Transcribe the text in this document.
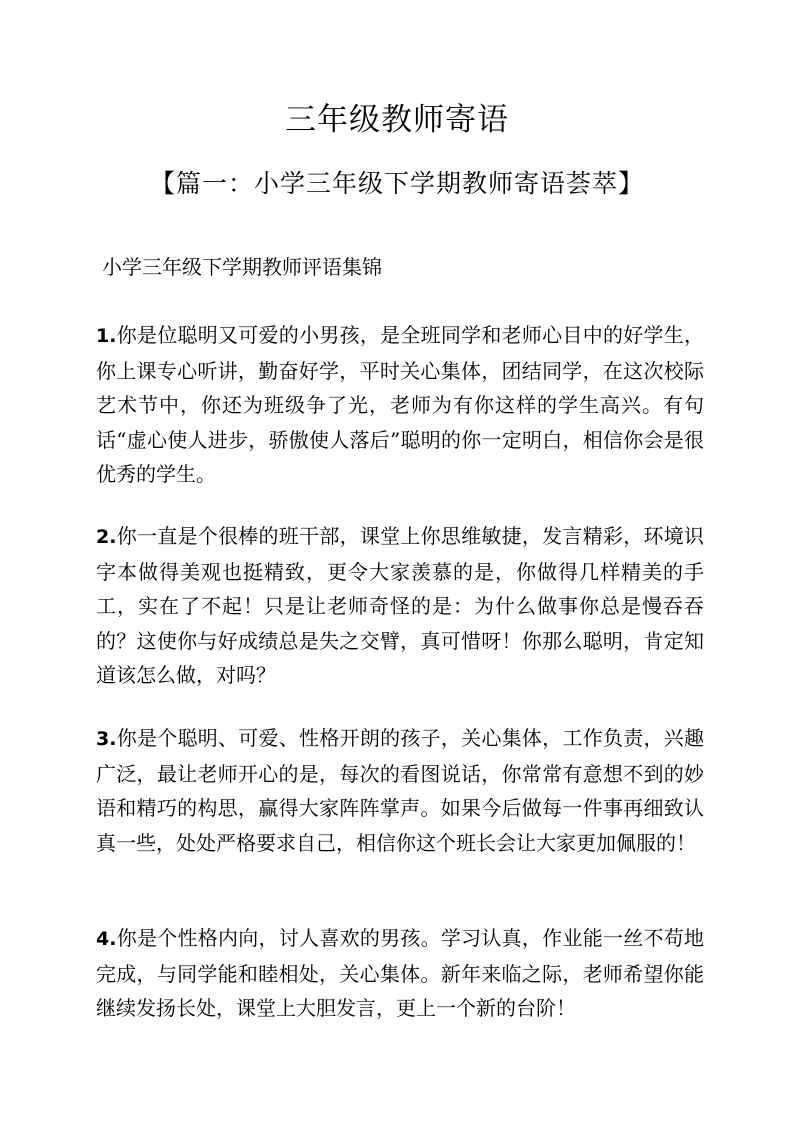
三年级教师寄语
【篇一：小学三年级下学期教师寄语荟萃】
小学三年级下学期教师评语集锦
1.你是位聪明又可爱的小男孩，是全班同学和老师心目中的好学生，你上课专心听讲，勤奋好学，平时关心集体，团结同学，在这次校际艺术节中，你还为班级争了光，老师为有你这样的学生高兴。有句话“虚心使人进步，骄傲使人落后”聪明的你一定明白，相信你会是很优秀的学生。
2.你一直是个很棒的班干部，课堂上你思维敏捷，发言精彩，环境识字本做得美观也挺精致，更令大家羡慕的是，你做得几样精美的手工，实在了不起！只是让老师奇怪的是：为什么做事你总是慢吞吞的？这使你与好成绩总是失之交臂，真可惜呀！你那么聪明，肯定知道该怎么做，对吗？
3.你是个聪明、可爱、性格开朗的孩子，关心集体，工作负责，兴趣广泛，最让老师开心的是，每次的看图说话，你常常有意想不到的妙语和精巧的构思，赢得大家阵阵掌声。如果今后做每一件事再细致认真一些，处处严格要求自己，相信你这个班长会让大家更加佩服的！
4.你是个性格内向，讨人喜欢的男孩。学习认真，作业能一丝不苟地完成，与同学能和睦相处，关心集体。新年来临之际，老师希望你能继续发扬长处，课堂上大胆发言，更上一个新的台阶！
